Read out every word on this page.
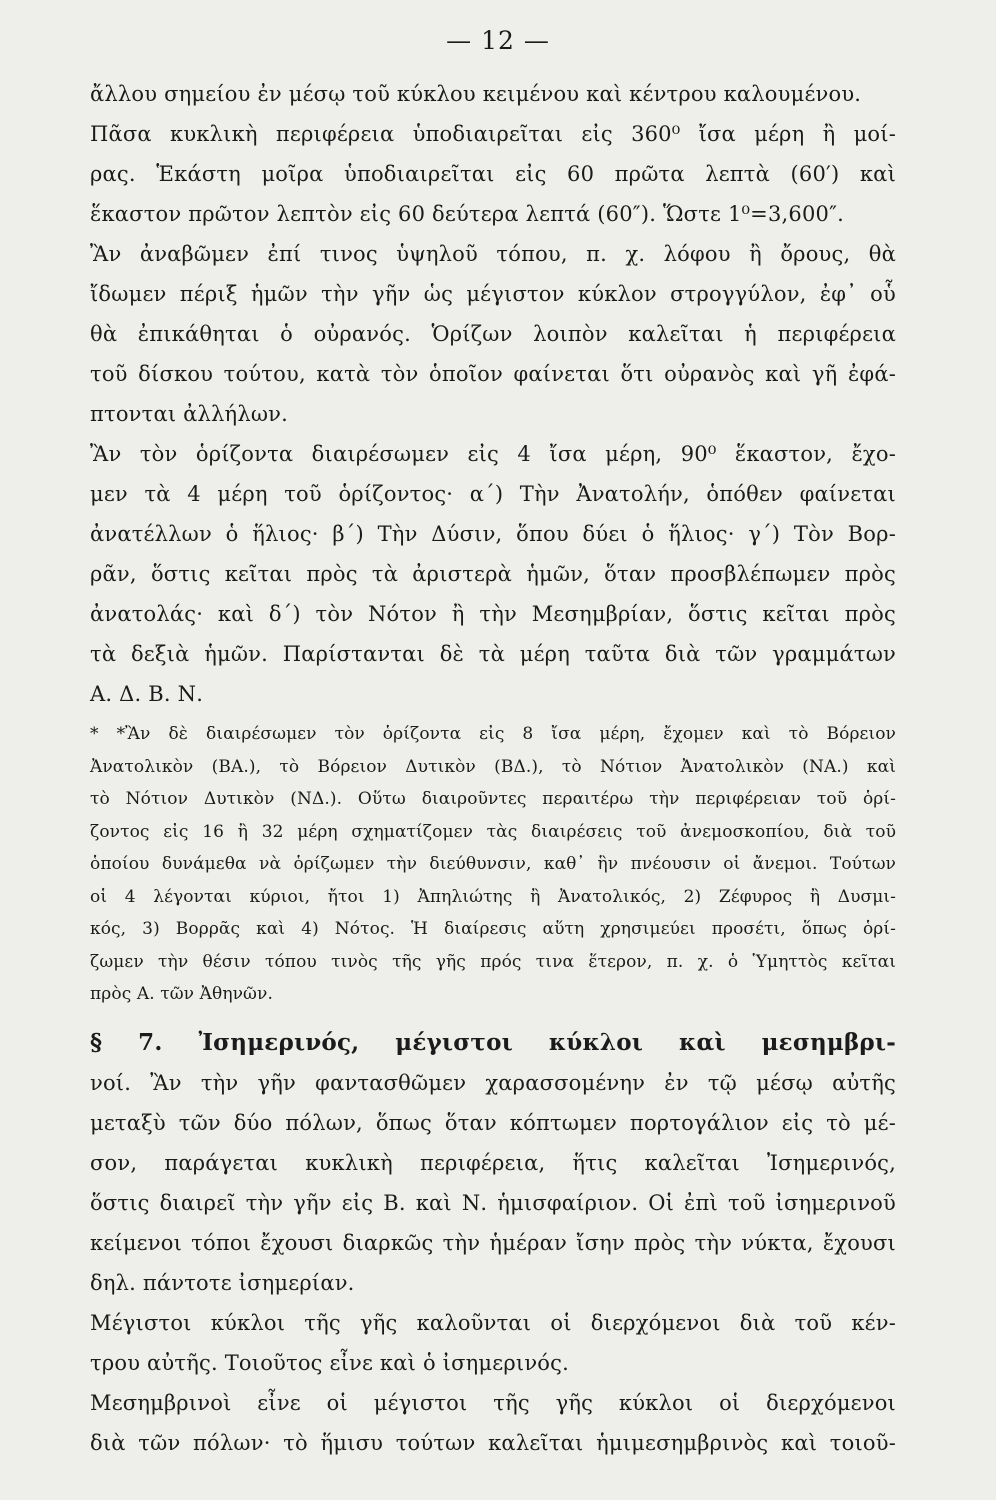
— 12 —
ἄλλου σημείου ἐν μέσῳ τοῦ κύκλου κειμένου καὶ κέντρου καλουμένου.
Πᾶσα κυκλικὴ περιφέρεια ὑποδιαιρεῖται εἰς 360⁰ ἴσα μέρη ἢ μοί-
ρας. Ἑκάστη μοῖρα ὑποδιαιρεῖται εἰς 60 πρῶτα λεπτὰ (60′) καὶ
ἕκαστον πρῶτον λεπτὸν εἰς 60 δεύτερα λεπτά (60″). Ὥστε 1⁰=3,600″.
Ἂν ἀναβῶμεν ἐπί τινος ὑψηλοῦ τόπου, π. χ. λόφου ἢ ὄρους, θὰ
ἴδωμεν πέριξ ἡμῶν τὴν γῆν ὡς μέγιστον κύκλον στρογγύλον, ἐφ᾽ οὗ
θὰ ἐπικάθηται ὁ οὐρανός. Ὁρίζων λοιπὸν καλεῖται ἡ περιφέρεια
τοῦ δίσκου τούτου, κατὰ τὸν ὁποῖον φαίνεται ὅτι οὐρανὸς καὶ γῆ ἐφά-
πτονται ἀλλήλων.
Ἂν τὸν ὁρίζοντα διαιρέσωμεν εἰς 4 ἴσα μέρη, 90⁰ ἕκαστον, ἔχο-
μεν τὰ 4 μέρη τοῦ ὁρίζοντος· α΄) Τὴν Ἀνατολήν, ὁπόθεν φαίνεται
ἀνατέλλων ὁ ἥλιος· β΄) Τὴν Δύσιν, ὅπου δύει ὁ ἥλιος· γ΄) Τὸν Βορ-
ρᾶν, ὅστις κεῖται πρὸς τὰ ἀριστερὰ ἡμῶν, ὅταν προσβλέπωμεν πρὸς
ἀνατολάς· καὶ δ΄) τὸν Νότον ἢ τὴν Μεσημβρίαν, ὅστις κεῖται πρὸς
τὰ δεξιὰ ἡμῶν. Παρίστανται δὲ τὰ μέρη ταῦτα διὰ τῶν γραμμάτων
Α. Δ. Β. Ν.
* *Ἂν δὲ διαιρέσωμεν τὸν ὁρίζοντα εἰς 8 ἴσα μέρη, ἔχομεν καὶ τὸ Βόρειον
Ἀνατολικὸν (ΒΑ.), τὸ Βόρειον Δυτικὸν (ΒΔ.), τὸ Νότιον Ἀνατολικὸν (ΝΑ.) καὶ
τὸ Νότιον Δυτικὸν (ΝΔ.). Οὕτω διαιροῦντες περαιτέρω τὴν περιφέρειαν τοῦ ὁρί-
ζοντος εἰς 16 ἢ 32 μέρη σχηματίζομεν τὰς διαιρέσεις τοῦ ἀνεμοσκοπίου, διὰ τοῦ
ὁποίου δυνάμεθα νὰ ὁρίζωμεν τὴν διεύθυνσιν, καθ᾽ ἣν πνέουσιν οἱ ἄνεμοι. Τούτων
οἱ 4 λέγονται κύριοι, ἤτοι 1) Ἀπηλιώτης ἢ Ἀνατολικός, 2) Ζέφυρος ἢ Δυσμι-
κός, 3) Βορρᾶς καὶ 4) Νότος. Ἡ διαίρεσις αὕτη χρησιμεύει προσέτι, ὅπως ὁρί-
ζωμεν τὴν θέσιν τόπου τινὸς τῆς γῆς πρός τινα ἕτερον, π. χ. ὁ Ὑμηττὸς κεῖται
πρὸς Α. τῶν Ἀθηνῶν.
§ 7. Ἰσημερινός, μέγιστοι κύκλοι καὶ μεσημβρι-
νοί. Ἂν τὴν γῆν φαντασθῶμεν χαρασσομένην ἐν τῷ μέσῳ αὐτῆς
μεταξὺ τῶν δύο πόλων, ὅπως ὅταν κόπτωμεν πορτογάλιον εἰς τὸ μέ-
σον, παράγεται κυκλικὴ περιφέρεια, ἥτις καλεῖται Ἰσημερινός,
ὅστις διαιρεῖ τὴν γῆν εἰς Β. καὶ Ν. ἡμισφαίριον. Οἱ ἐπὶ τοῦ ἰσημερινοῦ
κείμενοι τόποι ἔχουσι διαρκῶς τὴν ἡμέραν ἴσην πρὸς τὴν νύκτα, ἔχουσι
δηλ. πάντοτε ἰσημερίαν.
Μέγιστοι κύκλοι τῆς γῆς καλοῦνται οἱ διερχόμενοι διὰ τοῦ κέν-
τρου αὐτῆς. Τοιοῦτος εἶνε καὶ ὁ ἰσημερινός.
Μεσημβρινοὶ εἶνε οἱ μέγιστοι τῆς γῆς κύκλοι οἱ διερχόμενοι
διὰ τῶν πόλων· τὸ ἥμισυ τούτων καλεῖται ἡμιμεσημβρινὸς καὶ τοιοῦ-
